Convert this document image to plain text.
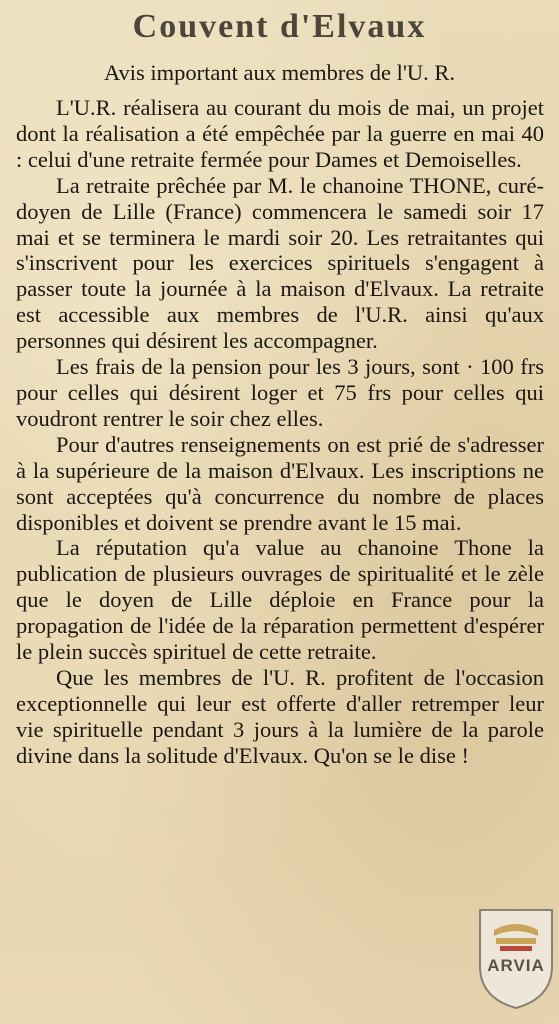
Couvent d'Elvaux
Avis important aux membres de l'U. R.

L'U.R. réalisera au courant du mois de mai, un projet dont la réalisation a été empêchée par la guerre en mai 40 : celui d'une retraite fermée pour Dames et Demoiselles.

La retraite prêchée par M. le chanoine THONE, curé-doyen de Lille (France) commencera le samedi soir 17 mai et se terminera le mardi soir 20. Les retraitantes qui s'inscrivent pour les exercices spirituels s'engagent à passer toute la journée à la maison d'Elvaux. La retraite est accessible aux membres de l'U.R. ainsi qu'aux personnes qui désirent les accompagner.

Les frais de la pension pour les 3 jours, sont · 100 frs pour celles qui désirent loger et 75 frs pour celles qui voudront rentrer le soir chez elles.

Pour d'autres renseignements on est prié de s'adresser à la supérieure de la maison d'Elvaux. Les inscriptions ne sont acceptées qu'à concurrence du nombre de places disponibles et doivent se prendre avant le 15 mai.

La réputation qu'a value au chanoine Thone la publication de plusieurs ouvrages de spiritualité et le zèle que le doyen de Lille déploie en France pour la propagation de l'idée de la réparation permettent d'espérer le plein succès spirituel de cette retraite.

Que les membres de l'U. R. profitent de l'occasion exceptionnelle qui leur est offerte d'aller retremper leur vie spirituelle pendant 3 jours à la lumière de la parole divine dans la solitude d'Elvaux. Qu'on se le dise !

ARVIA
